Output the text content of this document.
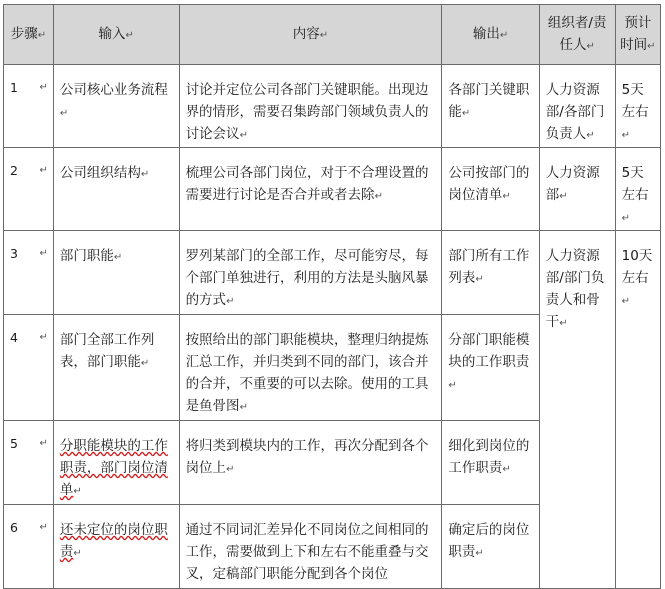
步骤↵	输入↵	内容↵	输出↵	组织者/责任人↵	预计时间↵
1 ↵	公司核心业务流程↵	讨论并定位公司各部门关键职能。出现边界的情形，需要召集跨部门领域负责人的讨论会议↵	各部门关键职能↵	人力资源部/各部门负责人↵	5天左右↵
2 ↵	公司组织结构↵	梳理公司各部门岗位，对于不合理设置的需要进行讨论是否合并或者去除↵	公司按部门的岗位清单↵	人力资源部↵	5天左右↵
3 ↵	部门职能↵	罗列某部门的全部工作，尽可能穷尽，每个部门单独进行，利用的方法是头脑风暴的方式↵	部门所有工作列表↵	人力资源部/部门负责人和骨干↵	10天左右↵
4 ↵	部门全部工作列表，部门职能↵	按照给出的部门职能模块，整理归纳提炼汇总工作，并归类到不同的部门，该合并的合并，不重要的可以去除。使用的工具是鱼骨图↵	分部门职能模块的工作职责↵		
5 ↵	分职能模块的工作职责，部门岗位清单↵	将归类到模块内的工作，再次分配到各个岗位上↵	细化到岗位的工作职责↵		
6 ↵	还未定位的岗位职责↵	通过不同词汇差异化不同岗位之间相同的工作，需要做到上下和左右不能重叠与交叉，定稿部门职能分配到各个岗位	确定后的岗位职责↵		
